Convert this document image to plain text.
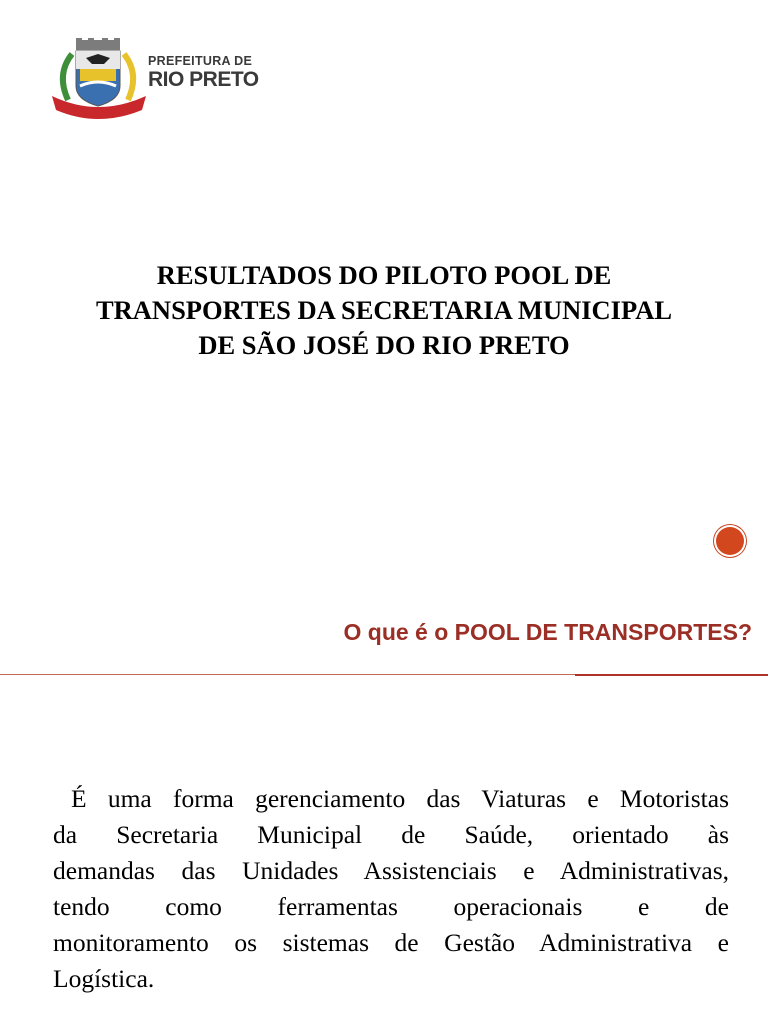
PREFEITURA DE
RIO PRETO
RESULTADOS DO PILOTO POOL DE
TRANSPORTES DA SECRETARIA MUNICIPAL
DE SÃO JOSÉ DO RIO PRETO
O que é o POOL DE TRANSPORTES?

É uma forma gerenciamento das Viaturas e Motoristas
da Secretaria Municipal de Saúde, orientado às
demandas das Unidades Assistenciais e Administrativas,
tendo como ferramentas operacionais e de
monitoramento os sistemas de Gestão Administrativa e
Logística.
